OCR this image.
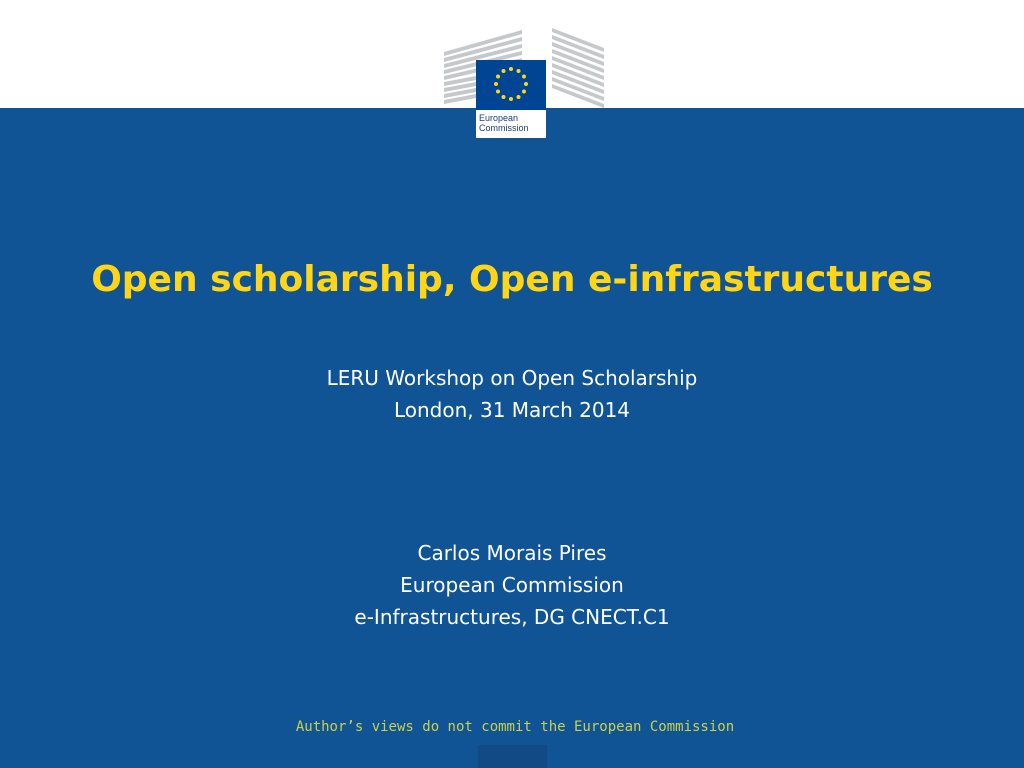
European
Commission
Open scholarship, Open e-infrastructures
LERU Workshop on Open Scholarship
London, 31 March 2014
Carlos Morais Pires
European Commission
e-Infrastructures, DG CNECT.C1
Author’s views do not commit the European Commission
